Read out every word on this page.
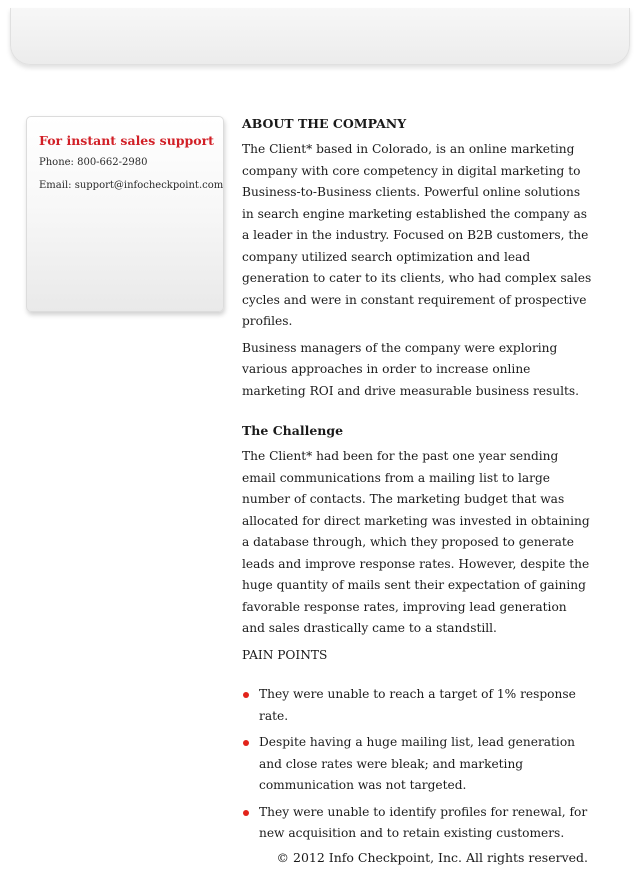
For instant sales support
Phone: 800-662-2980
Email: support@infocheckpoint.com
ABOUT THE COMPANY

The Client* based in Colorado, is an online marketing company with core competency in digital marketing to Business-to-Business clients. Powerful online solutions in search engine marketing established the company as a leader in the industry. Focused on B2B customers, the company utilized search optimization and lead generation to cater to its clients, who had complex sales cycles and were in constant requirement of prospective profiles.

Business managers of the company were exploring various approaches in order to increase online marketing ROI and drive measurable business results.

The Challenge

The Client* had been for the past one year sending email communications from a mailing list to large number of contacts. The marketing budget that was allocated for direct marketing was invested in obtaining a database through, which they proposed to generate leads and improve response rates. However, despite the huge quantity of mails sent their expectation of gaining favorable response rates, improving lead generation and sales drastically came to a standstill.

PAIN POINTS
They were unable to reach a target of 1% response rate.
Despite having a huge mailing list, lead generation and close rates were bleak; and marketing communication was not targeted.
They were unable to identify profiles for renewal, for new acquisition and to retain existing customers.
© 2012 Info Checkpoint, Inc. All rights reserved.
